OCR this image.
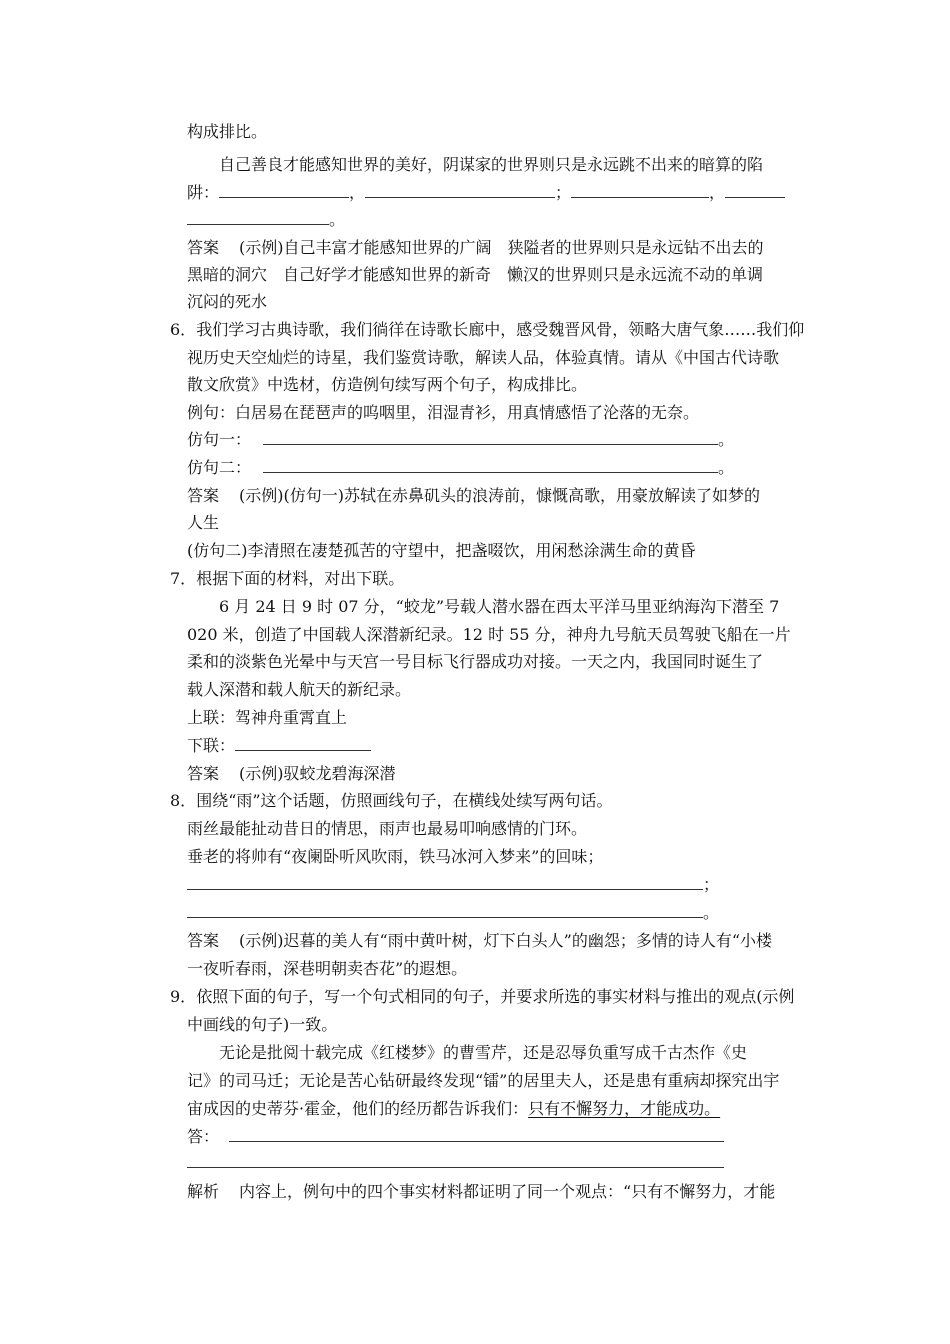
构成排比。
自己善良才能感知世界的美好，阴谋家的世界则只是永远跳不出来的暗算的陷
阱：	，	；	，
。
答案 (示例)自己丰富才能感知世界的广阔　狭隘者的世界则只是永远钻不出去的
黑暗的洞穴　自己好学才能感知世界的新奇　懒汉的世界则只是永远流不动的单调
沉闷的死水
6．我们学习古典诗歌，我们徜徉在诗歌长廊中，感受魏晋风骨，领略大唐气象……我们仰
视历史天空灿烂的诗星，我们鉴赏诗歌，解读人品，体验真情。请从《中国古代诗歌
散文欣赏》中选材，仿造例句续写两个句子，构成排比。
例句：白居易在琵琶声的呜咽里，泪湿青衫，用真情感悟了沦落的无奈。
仿句一：	。
仿句二：	。
答案 (示例)(仿句一)苏轼在赤鼻矶头的浪涛前，慷慨高歌，用豪放解读了如梦的
人生
(仿句二)李清照在凄楚孤苦的守望中，把盏啜饮，用闲愁涂满生命的黄昏
7．根据下面的材料，对出下联。
6 月 24 日 9 时 07 分，“蛟龙”号载人潜水器在西太平洋马里亚纳海沟下潜至 7
020 米，创造了中国载人深潜新纪录。12 时 55 分，神舟九号航天员驾驶飞船在一片
柔和的淡紫色光晕中与天宫一号目标飞行器成功对接。一天之内，我国同时诞生了
载人深潜和载人航天的新纪录。
上联：驾神舟重霄直上
下联：
答案 (示例)驭蛟龙碧海深潜
8．围绕“雨”这个话题，仿照画线句子，在横线处续写两句话。
雨丝最能扯动昔日的情思，雨声也最易叩响感情的门环。
垂老的将帅有“夜阑卧听风吹雨，铁马冰河入梦来”的回味；
；
。
答案 (示例)迟暮的美人有“雨中黄叶树，灯下白头人”的幽怨；多情的诗人有“小楼
一夜听春雨，深巷明朝卖杏花”的遐想。
9．依照下面的句子，写一个句式相同的句子，并要求所选的事实材料与推出的观点(示例
中画线的句子)一致。
无论是批阅十载完成《红楼梦》的曹雪芹，还是忍辱负重写成千古杰作《史
记》的司马迁；无论是苦心钻研最终发现“镭”的居里夫人，还是患有重病却探究出宇
宙成因的史蒂芬·霍金，他们的经历都告诉我们：只有不懈努力，才能成功。
答：
解析 内容上，例句中的四个事实材料都证明了同一个观点：“只有不懈努力，才能
